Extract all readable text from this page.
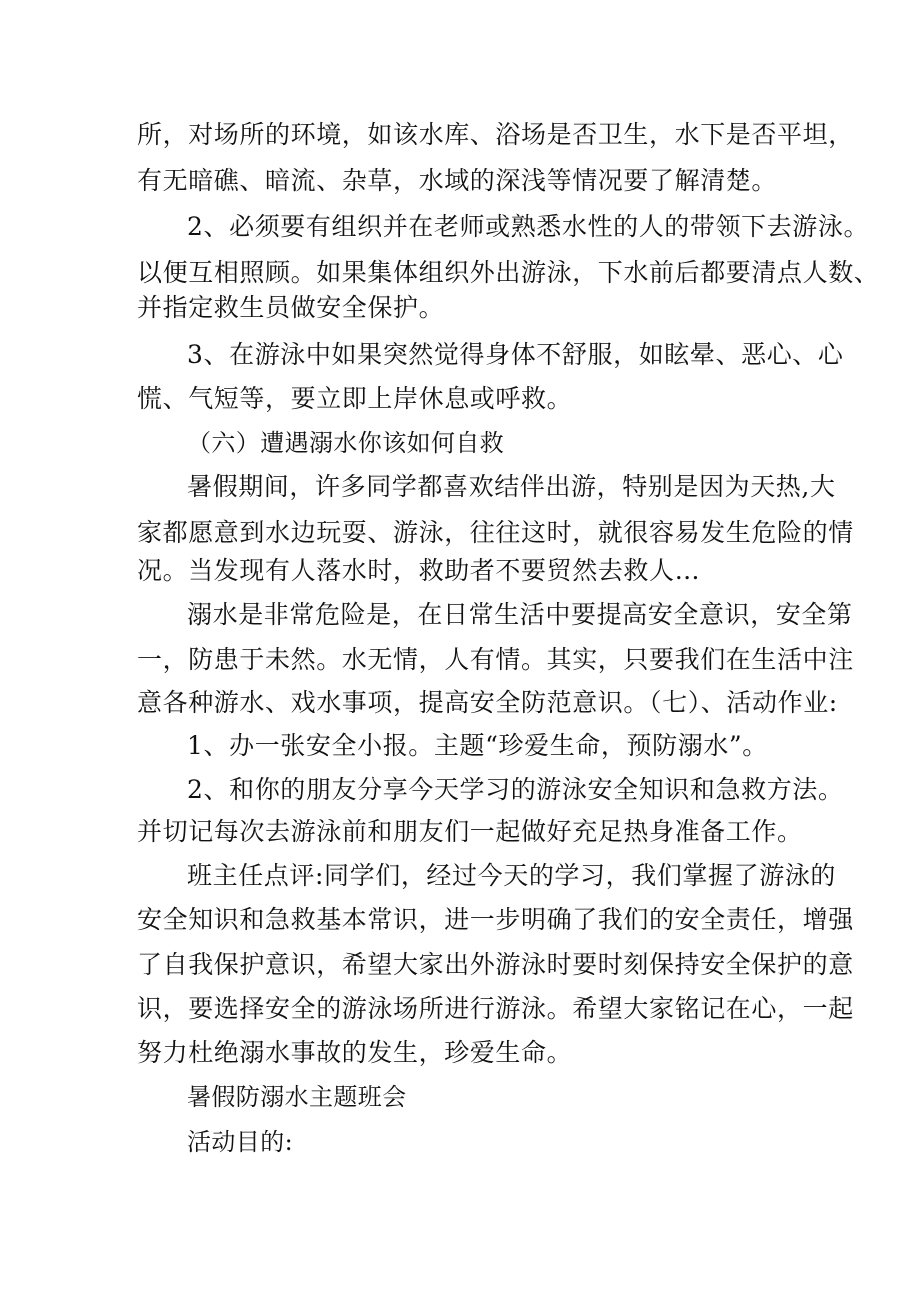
所，对场所的环境，如该水库、浴场是否卫生，水下是否平坦，
有无暗礁、暗流、杂草，水域的深浅等情况要了解清楚。
2、必须要有组织并在老师或熟悉水性的人的带领下去游泳。
以便互相照顾。如果集体组织外出游泳，下水前后都要清点人数、
并指定救生员做安全保护。
3、在游泳中如果突然觉得身体不舒服，如眩晕、恶心、心
慌、气短等，要立即上岸休息或呼救。
（六）遭遇溺水你该如何自救
暑假期间，许多同学都喜欢结伴出游，特别是因为天热,大
家都愿意到水边玩耍、游泳，往往这时，就很容易发生危险的情
况。当发现有人落水时，救助者不要贸然去救人…
溺水是非常危险是，在日常生活中要提高安全意识，安全第
一，防患于未然。水无情，人有情。其实，只要我们在生活中注
意各种游水、戏水事项，提高安全防范意识。（七）、活动作业:
1、办一张安全小报。主题“珍爱生命，预防溺水”。
2、和你的朋友分享今天学习的游泳安全知识和急救方法。
并切记每次去游泳前和朋友们一起做好充足热身准备工作。
班主任点评:同学们，经过今天的学习，我们掌握了游泳的
安全知识和急救基本常识，进一步明确了我们的安全责任，增强
了自我保护意识，希望大家出外游泳时要时刻保持安全保护的意
识，要选择安全的游泳场所进行游泳。希望大家铭记在心，一起
努力杜绝溺水事故的发生，珍爱生命。
暑假防溺水主题班会
活动目的:
